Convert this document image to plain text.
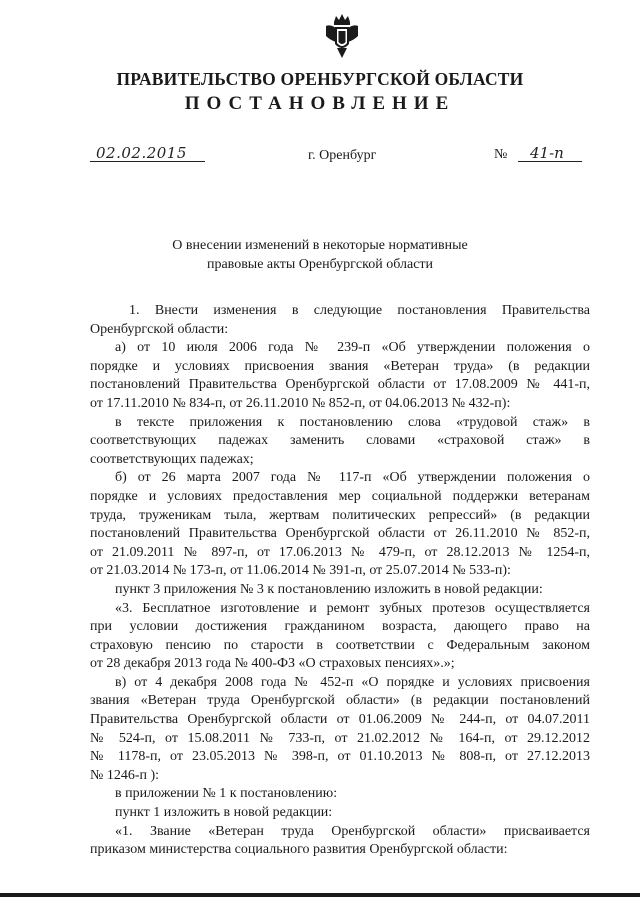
ПРАВИТЕЛЬСТВО ОРЕНБУРГСКОЙ ОБЛАСТИ
ПОСТАНОВЛЕНИЕ
02.02.2015	г. Оренбург	№ 41-п
О внесении изменений в некоторые нормативные
правовые акты Оренбургской области
1. Внести изменения в следующие постановления Правительства
Оренбургской области:
а) от 10 июля 2006 года № 239-п «Об утверждении положения о
порядке и условиях присвоения звания «Ветеран труда» (в редакции
постановлений Правительства Оренбургской области от 17.08.2009 № 441-п,
от 17.11.2010 № 834-п, от 26.11.2010 № 852-п, от 04.06.2013 № 432-п):
в тексте приложения к постановлению слова «трудовой стаж» в
соответствующих падежах заменить словами «страховой стаж» в
соответствующих падежах;
б) от 26 марта 2007 года № 117-п «Об утверждении положения о
порядке и условиях предоставления мер социальной поддержки ветеранам
труда, труженикам тыла, жертвам политических репрессий» (в редакции
постановлений Правительства Оренбургской области от 26.11.2010 № 852-п,
от 21.09.2011 № 897-п, от 17.06.2013 № 479-п, от 28.12.2013 № 1254-п,
от 21.03.2014 № 173-п, от 11.06.2014 № 391-п, от 25.07.2014 № 533-п):
пункт 3 приложения № 3 к постановлению изложить в новой редакции:
«3. Бесплатное изготовление и ремонт зубных протезов осуществляется
при условии достижения гражданином возраста, дающего право на
страховую пенсию по старости в соответствии с Федеральным законом
от 28 декабря 2013 года № 400-ФЗ «О страховых пенсиях».»;
в) от 4 декабря 2008 года № 452-п «О порядке и условиях присвоения
звания «Ветеран труда Оренбургской области» (в редакции постановлений
Правительства Оренбургской области от 01.06.2009 № 244-п, от 04.07.2011
№ 524-п, от 15.08.2011 № 733-п, от 21.02.2012 № 164-п, от 29.12.2012
№ 1178-п, от 23.05.2013 № 398-п, от 01.10.2013 № 808-п, от 27.12.2013
№ 1246-п ):
в приложении № 1 к постановлению:
пункт 1 изложить в новой редакции:
«1. Звание «Ветеран труда Оренбургской области» присваивается
приказом министерства социального развития Оренбургской области:
